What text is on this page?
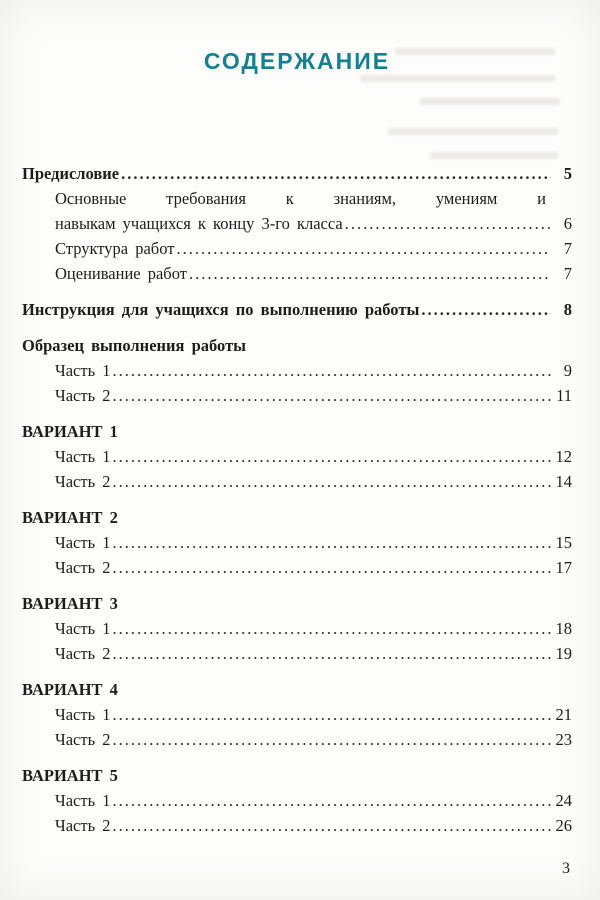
СОДЕРЖАНИЕ
Предисловие .....	5
Основные требования к знаниям, умениям и
навыкам учащихся к концу 3-го класса .....	6
Структура работ .....	7
Оценивание работ .....	7
Инструкция для учащихся по выполнению работы .....	8
Образец выполнения работы
Часть 1 .....	9
Часть 2 .....	11
ВАРИАНТ 1
Часть 1 .....	12
Часть 2 .....	14
ВАРИАНТ 2
Часть 1 .....	15
Часть 2 .....	17
ВАРИАНТ 3
Часть 1 .....	18
Часть 2 .....	19
ВАРИАНТ 4
Часть 1 .....	21
Часть 2 .....	23
ВАРИАНТ 5
Часть 1 .....	24
Часть 2 .....	26
3
